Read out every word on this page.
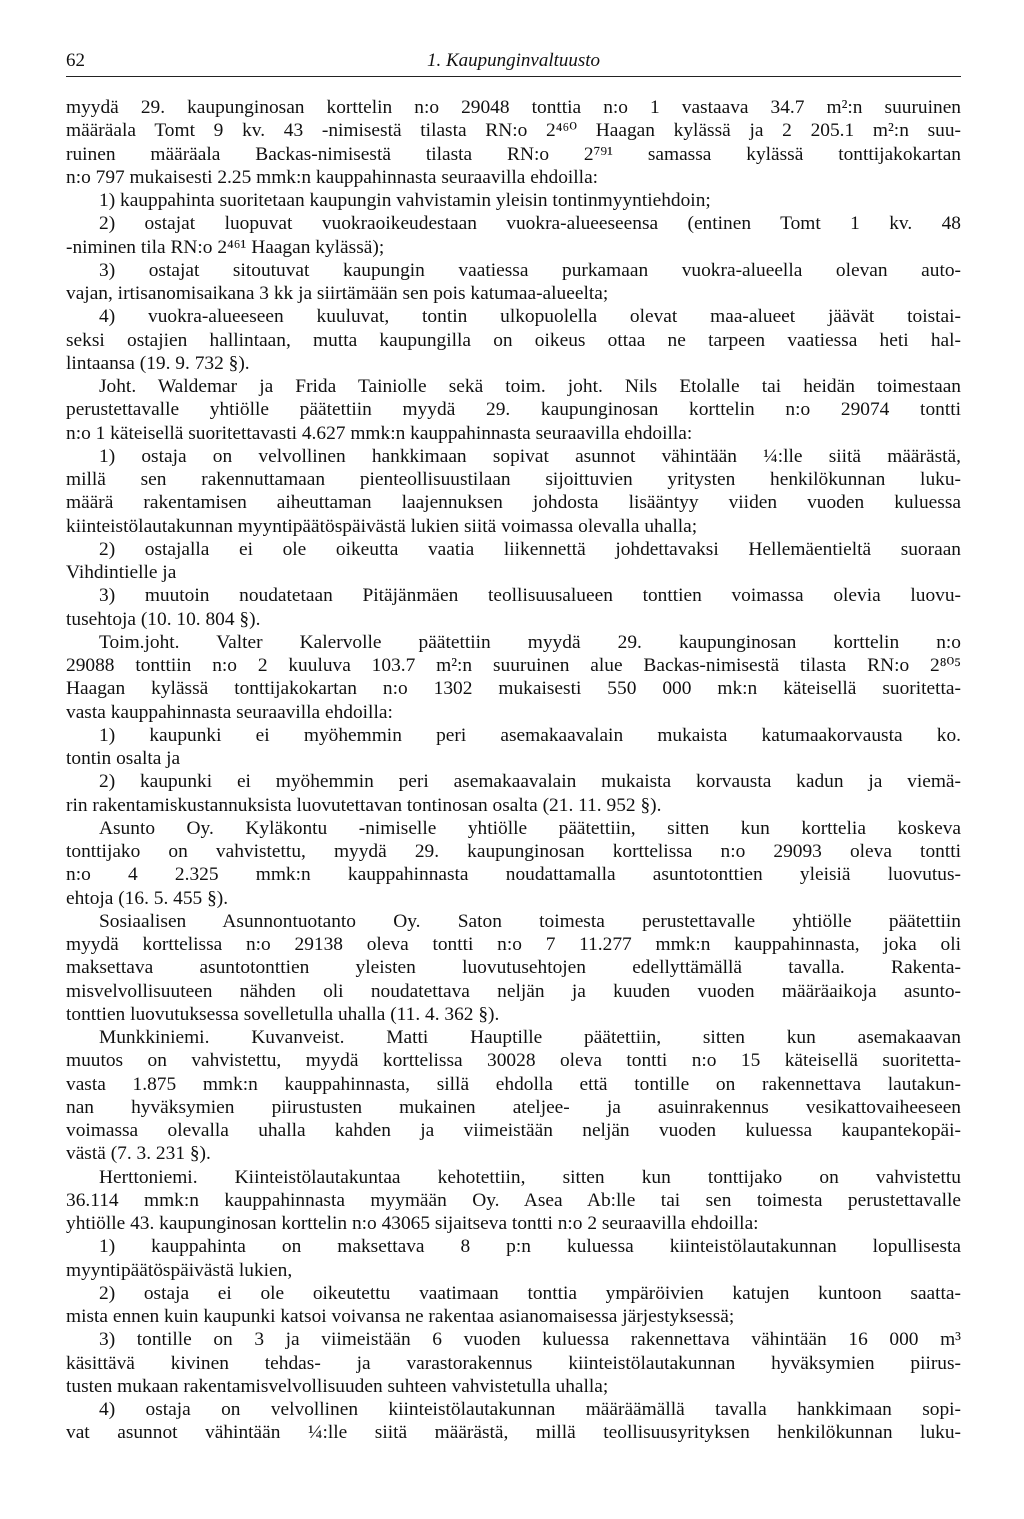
62	1. Kaupunginvaltuusto
myydä 29. kaupunginosan korttelin n:o 29048 tonttia n:o 1 vastaava 34.7 m²:n suuruinen
määräala Tomt 9 kv. 43 -nimisestä tilasta RN:o 2⁴⁶⁰ Haagan kylässä ja 2 205.1 m²:n suu-
ruinen määräala Backas-nimisestä tilasta RN:o 2⁷⁹¹ samassa kylässä tonttijakokartan
n:o 797 mukaisesti 2.25 mmk:n kauppahinnasta seuraavilla ehdoilla:
1) kauppahinta suoritetaan kaupungin vahvistamin yleisin tontinmyyntiehdoin;
2) ostajat luopuvat vuokraoikeudestaan vuokra-alueeseensa (entinen Tomt 1 kv. 48
-niminen tila RN:o 2⁴⁶¹ Haagan kylässä);
3) ostajat sitoutuvat kaupungin vaatiessa purkamaan vuokra-alueella olevan auto-
vajan, irtisanomisaikana 3 kk ja siirtämään sen pois katumaa-alueelta;
4) vuokra-alueeseen kuuluvat, tontin ulkopuolella olevat maa-alueet jäävät toistai-
seksi ostajien hallintaan, mutta kaupungilla on oikeus ottaa ne tarpeen vaatiessa heti hal-
lintaansa (19. 9. 732 §).
Joht. Waldemar ja Frida Tainiolle sekä toim. joht. Nils Etolalle tai heidän toimestaan
perustettavalle yhtiölle päätettiin myydä 29. kaupunginosan korttelin n:o 29074 tontti
n:o 1 käteisellä suoritettavasti 4.627 mmk:n kauppahinnasta seuraavilla ehdoilla:
1) ostaja on velvollinen hankkimaan sopivat asunnot vähintään ¼:lle siitä määrästä,
millä sen rakennuttamaan pienteollisuustilaan sijoittuvien yritysten henkilökunnan luku-
määrä rakentamisen aiheuttaman laajennuksen johdosta lisääntyy viiden vuoden kuluessa
kiinteistölautakunnan myyntipäätöspäivästä lukien siitä voimassa olevalla uhalla;
2) ostajalla ei ole oikeutta vaatia liikennettä johdettavaksi Hellemäentieltä suoraan
Vihdintielle ja
3) muutoin noudatetaan Pitäjänmäen teollisuusalueen tonttien voimassa olevia luovu-
tusehtoja (10. 10. 804 §).
Toim.joht. Valter Kalervolle päätettiin myydä 29. kaupunginosan korttelin n:o
29088 tonttiin n:o 2 kuuluva 103.7 m²:n suuruinen alue Backas-nimisestä tilasta RN:o 2⁸⁰⁵
Haagan kylässä tonttijakokartan n:o 1302 mukaisesti 550 000 mk:n käteisellä suoritetta-
vasta kauppahinnasta seuraavilla ehdoilla:
1) kaupunki ei myöhemmin peri asemakaavalain mukaista katumaakorvausta ko.
tontin osalta ja
2) kaupunki ei myöhemmin peri asemakaavalain mukaista korvausta kadun ja viemä-
rin rakentamiskustannuksista luovutettavan tontinosan osalta (21. 11. 952 §).
Asunto Oy. Kyläkontu -nimiselle yhtiölle päätettiin, sitten kun korttelia koskeva
tonttijako on vahvistettu, myydä 29. kaupunginosan korttelissa n:o 29093 oleva tontti
n:o 4 2.325 mmk:n kauppahinnasta noudattamalla asuntotonttien yleisiä luovutus-
ehtoja (16. 5. 455 §).
Sosiaalisen Asunnontuotanto Oy. Saton toimesta perustettavalle yhtiölle päätettiin
myydä korttelissa n:o 29138 oleva tontti n:o 7 11.277 mmk:n kauppahinnasta, joka oli
maksettava asuntotonttien yleisten luovutusehtojen edellyttämällä tavalla. Rakenta-
misvelvollisuuteen nähden oli noudatettava neljän ja kuuden vuoden määräaikoja asunto-
tonttien luovutuksessa sovelletulla uhalla (11. 4. 362 §).
Munkkiniemi. Kuvanveist. Matti Hauptille päätettiin, sitten kun asemakaavan
muutos on vahvistettu, myydä korttelissa 30028 oleva tontti n:o 15 käteisellä suoritetta-
vasta 1.875 mmk:n kauppahinnasta, sillä ehdolla että tontille on rakennettava lautakun-
nan hyväksymien piirustusten mukainen ateljee- ja asuinrakennus vesikattovaiheeseen
voimassa olevalla uhalla kahden ja viimeistään neljän vuoden kuluessa kaupantekopäi-
västä (7. 3. 231 §).
Herttoniemi. Kiinteistölautakuntaa kehotettiin, sitten kun tonttijako on vahvistettu
36.114 mmk:n kauppahinnasta myymään Oy. Asea Ab:lle tai sen toimesta perustettavalle
yhtiölle 43. kaupunginosan korttelin n:o 43065 sijaitseva tontti n:o 2 seuraavilla ehdoilla:
1) kauppahinta on maksettava 8 p:n kuluessa kiinteistölautakunnan lopullisesta
myyntipäätöspäivästä lukien,
2) ostaja ei ole oikeutettu vaatimaan tonttia ympäröivien katujen kuntoon saatta-
mista ennen kuin kaupunki katsoi voivansa ne rakentaa asianomaisessa järjestyksessä;
3) tontille on 3 ja viimeistään 6 vuoden kuluessa rakennettava vähintään 16 000 m³
käsittävä kivinen tehdas- ja varastorakennus kiinteistölautakunnan hyväksymien piirus-
tusten mukaan rakentamisvelvollisuuden suhteen vahvistetulla uhalla;
4) ostaja on velvollinen kiinteistölautakunnan määräämällä tavalla hankkimaan sopi-
vat asunnot vähintään ¼:lle siitä määrästä, millä teollisuusyrityksen henkilökunnan luku-
